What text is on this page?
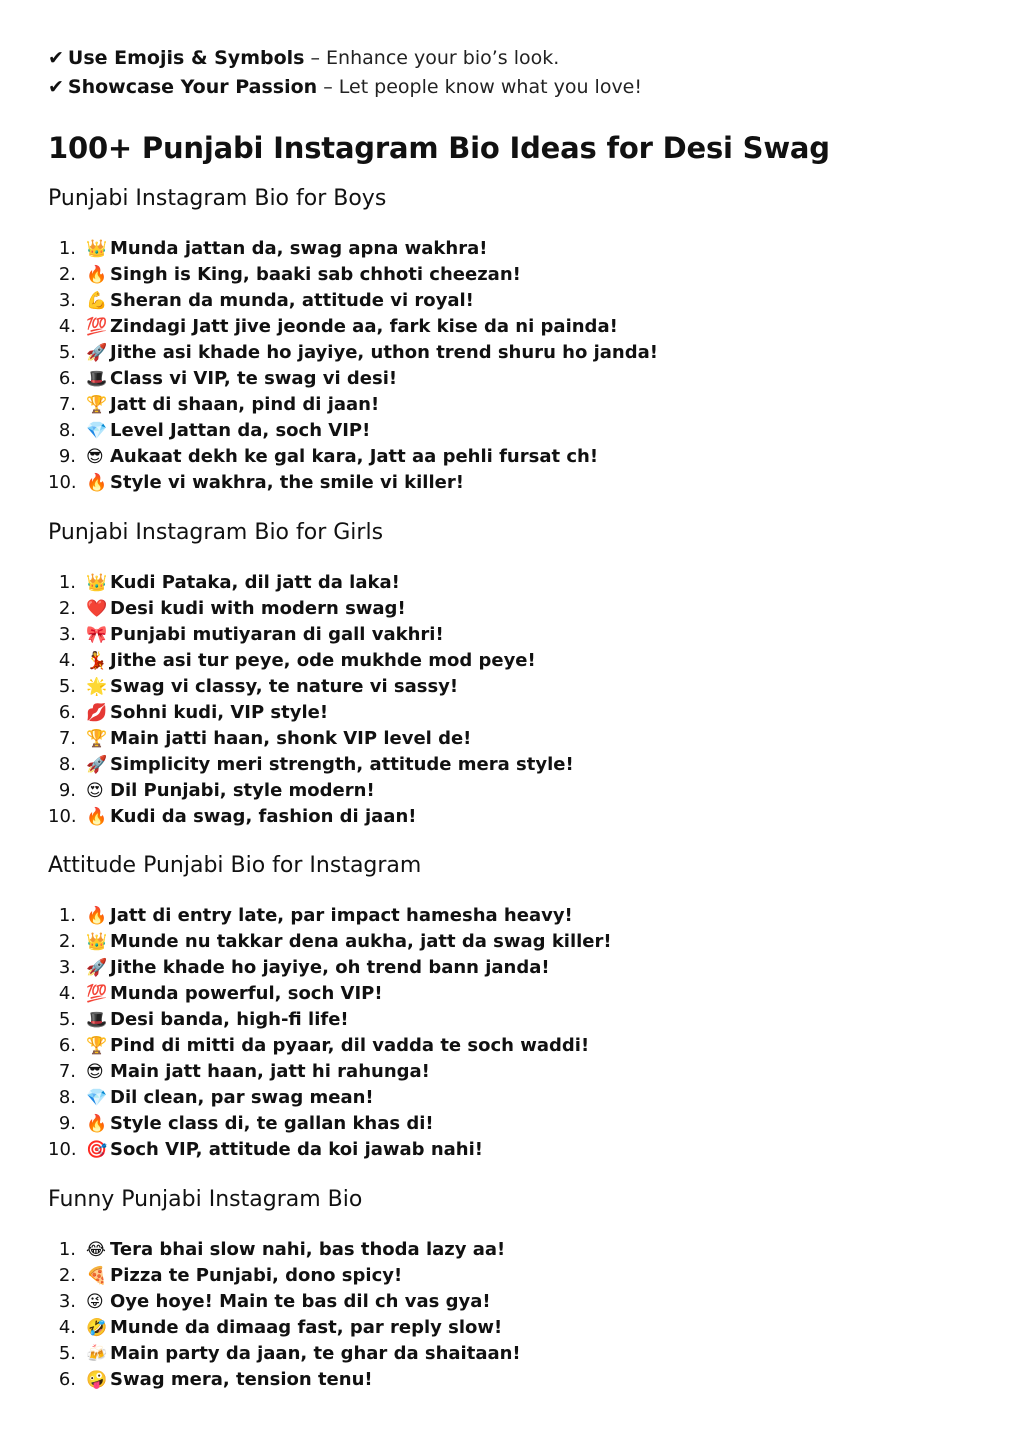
✔ Use Emojis & Symbols – Enhance your bio’s look.
✔ Showcase Your Passion – Let people know what you love!
100+ Punjabi Instagram Bio Ideas for Desi Swag
Punjabi Instagram Bio for Boys
1. 👑 Munda jattan da, swag apna wakhra!
2. 🔥 Singh is King, baaki sab chhoti cheezan!
3. 💪 Sheran da munda, attitude vi royal!
4. 💯 Zindagi Jatt jive jeonde aa, fark kise da ni painda!
5. 🚀 Jithe asi khade ho jayiye, uthon trend shuru ho janda!
6. 🎩 Class vi VIP, te swag vi desi!
7. 🏆 Jatt di shaan, pind di jaan!
8. 💎 Level Jattan da, soch VIP!
9. 😎 Aukaat dekh ke gal kara, Jatt aa pehli fursat ch!
10. 🔥 Style vi wakhra, the smile vi killer!
Punjabi Instagram Bio for Girls
1. 👑 Kudi Pataka, dil jatt da laka!
2. ❤️ Desi kudi with modern swag!
3. 🎀 Punjabi mutiyaran di gall vakhri!
4. 💃 Jithe asi tur peye, ode mukhde mod peye!
5. 🌟 Swag vi classy, te nature vi sassy!
6. 💋 Sohni kudi, VIP style!
7. 🏆 Main jatti haan, shonk VIP level de!
8. 🚀 Simplicity meri strength, attitude mera style!
9. 😍 Dil Punjabi, style modern!
10. 🔥 Kudi da swag, fashion di jaan!
Attitude Punjabi Bio for Instagram
1. 🔥 Jatt di entry late, par impact hamesha heavy!
2. 👑 Munde nu takkar dena aukha, jatt da swag killer!
3. 🚀 Jithe khade ho jayiye, oh trend bann janda!
4. 💯 Munda powerful, soch VIP!
5. 🎩 Desi banda, high-fi life!
6. 🏆 Pind di mitti da pyaar, dil vadda te soch waddi!
7. 😎 Main jatt haan, jatt hi rahunga!
8. 💎 Dil clean, par swag mean!
9. 🔥 Style class di, te gallan khas di!
10. 🎯 Soch VIP, attitude da koi jawab nahi!
Funny Punjabi Instagram Bio
1. 😂 Tera bhai slow nahi, bas thoda lazy aa!
2. 🍕 Pizza te Punjabi, dono spicy!
3. 😜 Oye hoye! Main te bas dil ch vas gya!
4. 🤣 Munde da dimaag fast, par reply slow!
5. 🍻 Main party da jaan, te ghar da shaitaan!
6. 🤪 Swag mera, tension tenu!
